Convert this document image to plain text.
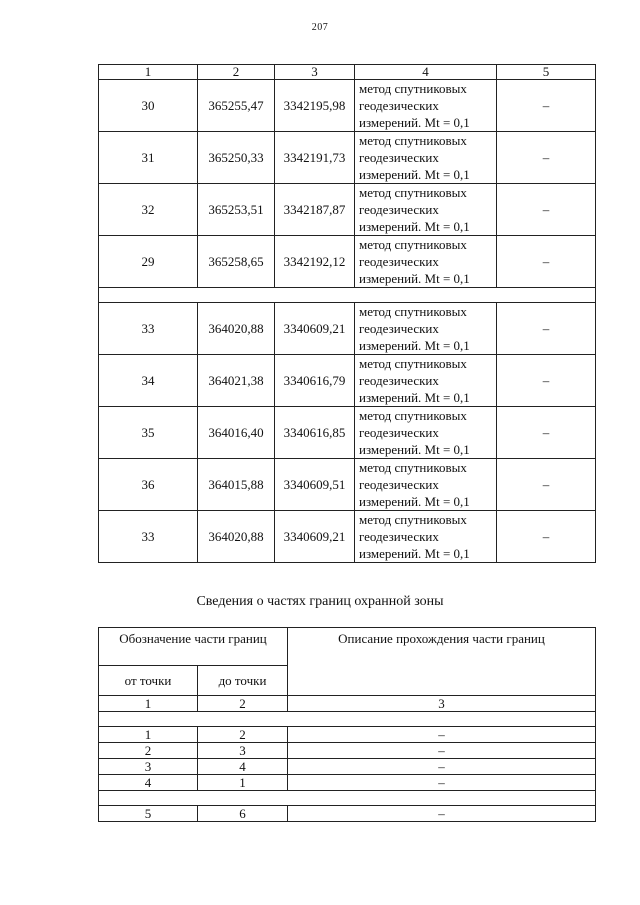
207
1	2	3	4	5
30	365255,47	3342195,98	метод спутниковых
геодезических
измерений. Mt = 0,1	–
31	365250,33	3342191,73	метод спутниковых
геодезических
измерений. Mt = 0,1	–
32	365253,51	3342187,87	метод спутниковых
геодезических
измерений. Mt = 0,1	–
29	365258,65	3342192,12	метод спутниковых
геодезических
измерений. Mt = 0,1	–

33	364020,88	3340609,21	метод спутниковых
геодезических
измерений. Mt = 0,1	–
34	364021,38	3340616,79	метод спутниковых
геодезических
измерений. Mt = 0,1	–
35	364016,40	3340616,85	метод спутниковых
геодезических
измерений. Mt = 0,1	–
36	364015,88	3340609,51	метод спутниковых
геодезических
измерений. Mt = 0,1	–
33	364020,88	3340609,21	метод спутниковых
геодезических
измерений. Mt = 0,1	–
Сведения о частях границ охранной зоны
Обозначение части границ		Описание прохождения части границ
от точки	до точки	
1	2	3

1	2	–
2	3	–
3	4	–
4	1	–

5	6	–
